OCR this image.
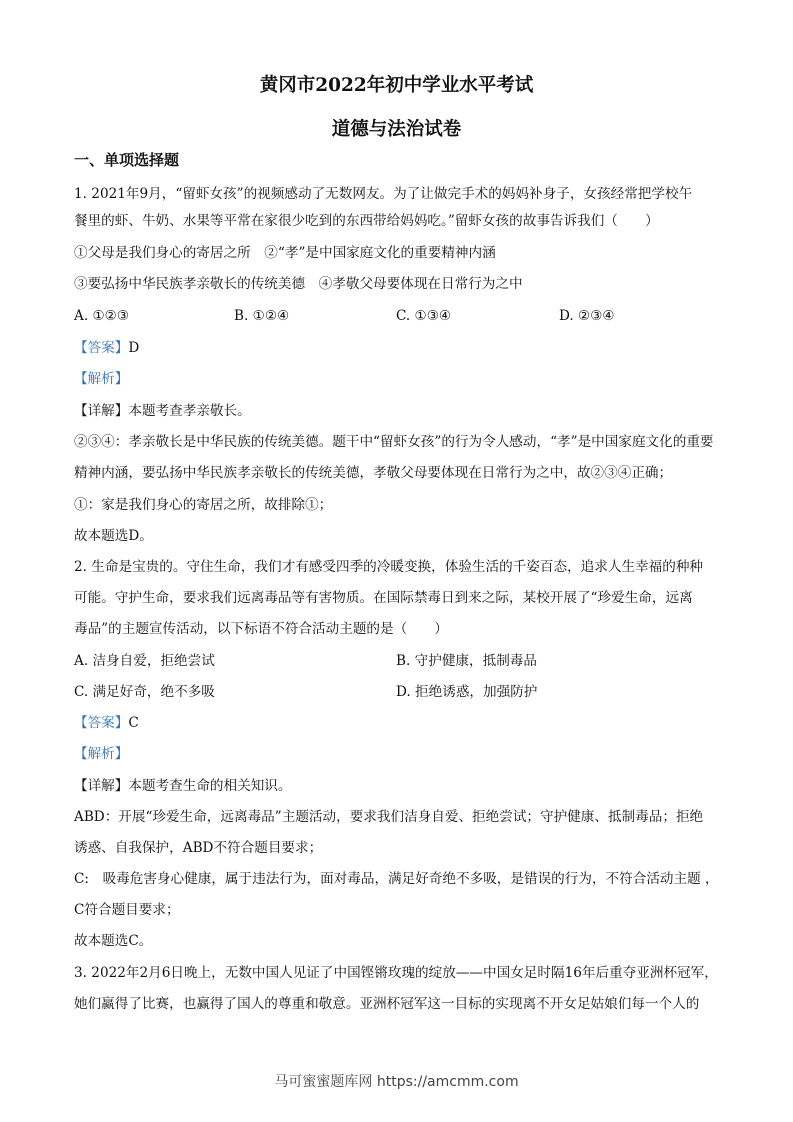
黄冈市2022年初中学业水平考试
道德与法治试卷
一、单项选择题
1. 2021年9月，“留虾女孩”的视频感动了无数网友。为了让做完手术的妈妈补身子，女孩经常把学校午
餐里的虾、牛奶、水果等平常在家很少吃到的东西带给妈妈吃。”留虾女孩的故事告诉我们（　　）
①父母是我们身心的寄居之所　②“孝”是中国家庭文化的重要精神内涵
③要弘扬中华民族孝亲敬长的传统美德　④孝敬父母要体现在日常行为之中
A. ①②③	B. ①②④	C. ①③④	D. ②③④
【答案】D
【解析】
【详解】本题考查孝亲敬长。
②③④：孝亲敬长是中华民族的传统美德。题干中“留虾女孩”的行为令人感动，“孝”是中国家庭文化的重要
精神内涵，要弘扬中华民族孝亲敬长的传统美德，孝敬父母要体现在日常行为之中，故②③④正确；
①：家是我们身心的寄居之所，故排除①；
故本题选D。
2. 生命是宝贵的。守住生命，我们才有感受四季的冷暖变换，体验生活的千姿百态，追求人生幸福的种种
可能。守护生命，要求我们远离毒品等有害物质。在国际禁毒日到来之际，某校开展了“珍爱生命，远离
毒品”的主题宣传活动，以下标语不符合活动主题的是（　　）
A. 洁身自爱，拒绝尝试	B. 守护健康，抵制毒品
C. 满足好奇，绝不多吸	D. 拒绝诱惑，加强防护
【答案】C
【解析】
【详解】本题考查生命的相关知识。
ABD：开展“珍爱生命，远离毒品”主题活动，要求我们洁身自爱、拒绝尝试；守护健康、抵制毒品；拒绝
诱惑、自我保护，ABD不符合题目要求；
C:　吸毒危害身心健康，属于违法行为，面对毒品，满足好奇绝不多吸，是错误的行为，不符合活动主题 ，
C符合题目要求；
故本题选C。
3. 2022年2月6日晚上，无数中国人见证了中国铿锵玫瑰的绽放——中国女足时隔16年后重夺亚洲杯冠军，
她们赢得了比赛，也赢得了国人的尊重和敬意。亚洲杯冠军这一目标的实现离不开女足姑娘们每一个人的
马可蜜蜜题库网 https://amcmm.com
